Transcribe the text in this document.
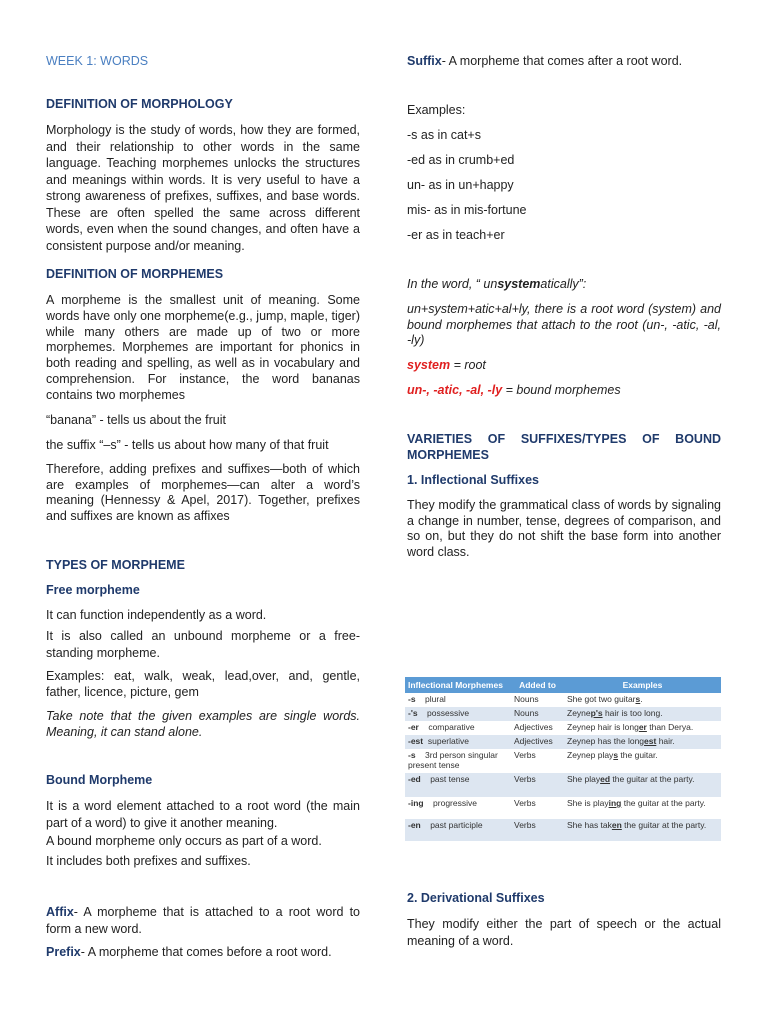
WEEK 1: WORDS

DEFINITION OF MORPHOLOGY

Morphology is the study of words, how they are formed, and their relationship to other words in the same language. Teaching morphemes unlocks the structures and meanings within words. It is very useful to have a strong awareness of prefixes, suffixes, and base words. These are often spelled the same across different words, even when the sound changes, and often have a consistent purpose and/or meaning.

DEFINITION OF MORPHEMES

A morpheme is the smallest unit of meaning. Some words have only one morpheme(e.g., jump, maple, tiger) while many others are made up of two or more morphemes. Morphemes are important for phonics in both reading and spelling, as well as in vocabulary and comprehension. For instance, the word bananas contains two morphemes

“banana” - tells us about the fruit

the suffix “–s” - tells us about how many of that fruit

Therefore, adding prefixes and suffixes—both of which are examples of morphemes—can alter a word’s meaning (Hennessy & Apel, 2017). Together, prefixes and suffixes are known as affixes

TYPES OF MORPHEME

Free morpheme

It can function independently as a word.

It is also called an unbound morpheme or a free-standing morpheme.

Examples: eat, walk, weak, lead,over, and, gentle, father, licence, picture, gem

Take note that the given examples are single words. Meaning, it can stand alone.

Bound Morpheme

It is a word element attached to a root word (the main part of a word) to give it another meaning.

A bound morpheme only occurs as part of a word.

It includes both prefixes and suffixes.

Affix- A morpheme that is attached to a root word to form a new word.

Prefix- A morpheme that comes before a root word.

Suffix- A morpheme that comes after a root word.

Examples:

-s as in cat+s

-ed as in crumb+ed

un- as in un+happy

mis- as in mis-fortune

-er as in teach+er

In the word, “ unsystematically”:

un+system+atic+al+ly, there is a root word (system) and bound morphemes that attach to the root (un-, -atic, -al, -ly)

system = root

un-, -atic, -al, -ly = bound morphemes

VARIETIES OF SUFFIXES/TYPES OF BOUND MORPHEMES

1. Inflectional Suffixes

They modify the grammatical class of words by signaling a change in number, tense, degrees of comparison, and so on, but they do not shift the base form into another word class.

2. Derivational Suffixes

They modify either the part of speech or the actual meaning of a word.

Inflectional Morphemes	Added to	Examples
-s plural	Nouns	She got two guitars.
-'s possessive	Nouns	Zeynep's hair is too long.
-er comparative	Adjectives	Zeynep hair is longer than Derya.
-est superlative	Adjectives	Zeynep has the longest hair.
-s 3rd person singular present tense	Verbs	Zeynep plays the guitar.
-ed past tense	Verbs	She played the guitar at the party.
-ing progressive	Verbs	She is playing the guitar at the party.
-en past participle	Verbs	She has taken the guitar at the party.
